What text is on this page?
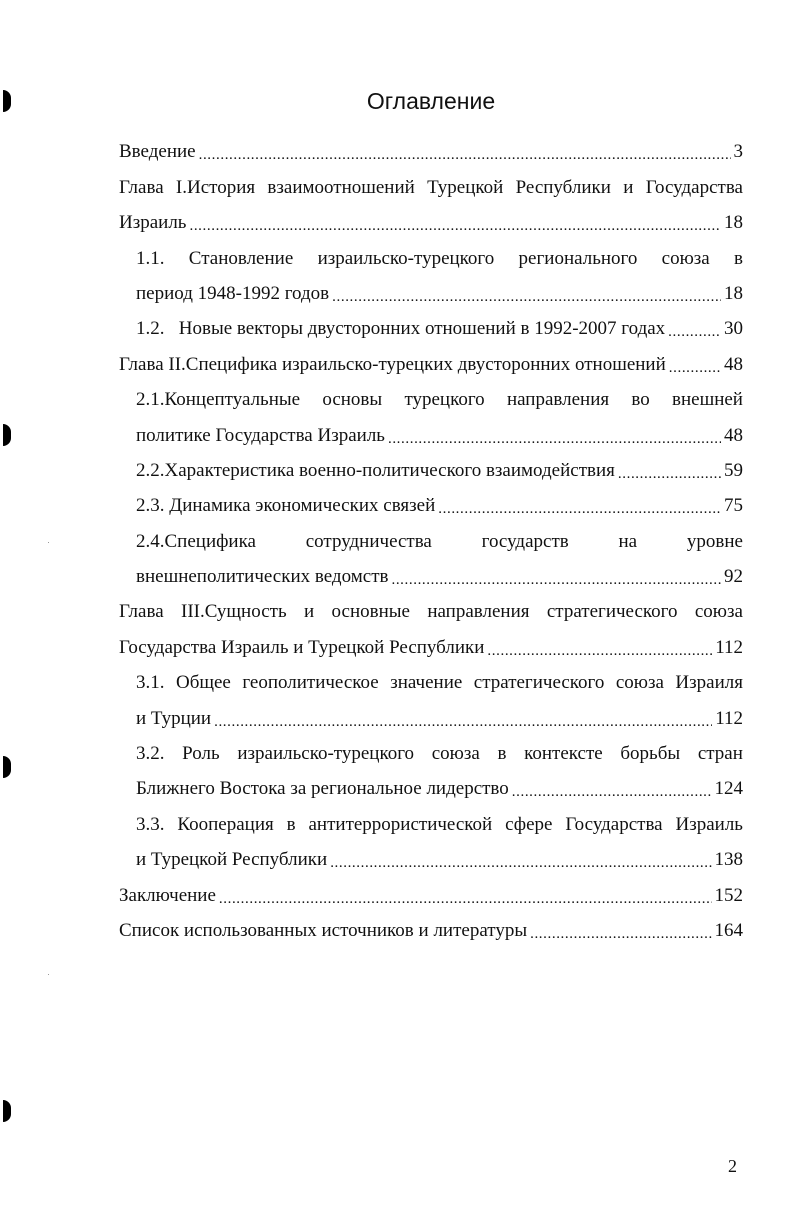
Оглавление
Введение .....	3
Глава I.История взаимоотношений Турецкой Республики и Государства
Израиль .....	18
1.1. Становление израильско-турецкого регионального союза в
период 1948-1992 годов .....	18
1.2.   Новые векторы двусторонних отношений в 1992-2007 годах .....	30
Глава II.Специфика израильско-турецких двусторонних отношений .....	48
2.1.Концептуальные основы турецкого направления во внешней
политике Государства Израиль .....	48
2.2.Характеристика военно-политического взаимодействия .....	59
2.3. Динамика экономических связей .....	75
2.4.Специфика	сотрудничества	государств	на	уровне
внешнеполитических ведомств .....	92
Глава III.Сущность и основные направления стратегического союза
Государства Израиль и Турецкой Республики .....	112
3.1. Общее геополитическое значение стратегического союза Израиля
и Турции .....	112
3.2. Роль израильско-турецкого союза в контексте борьбы стран
Ближнего Востока за региональное лидерство .....	124
3.3. Кооперация в антитеррористической сфере Государства Израиль
и Турецкой Республики .....	138
Заключение .....	152
Список использованных источников и литературы .....	164
2
